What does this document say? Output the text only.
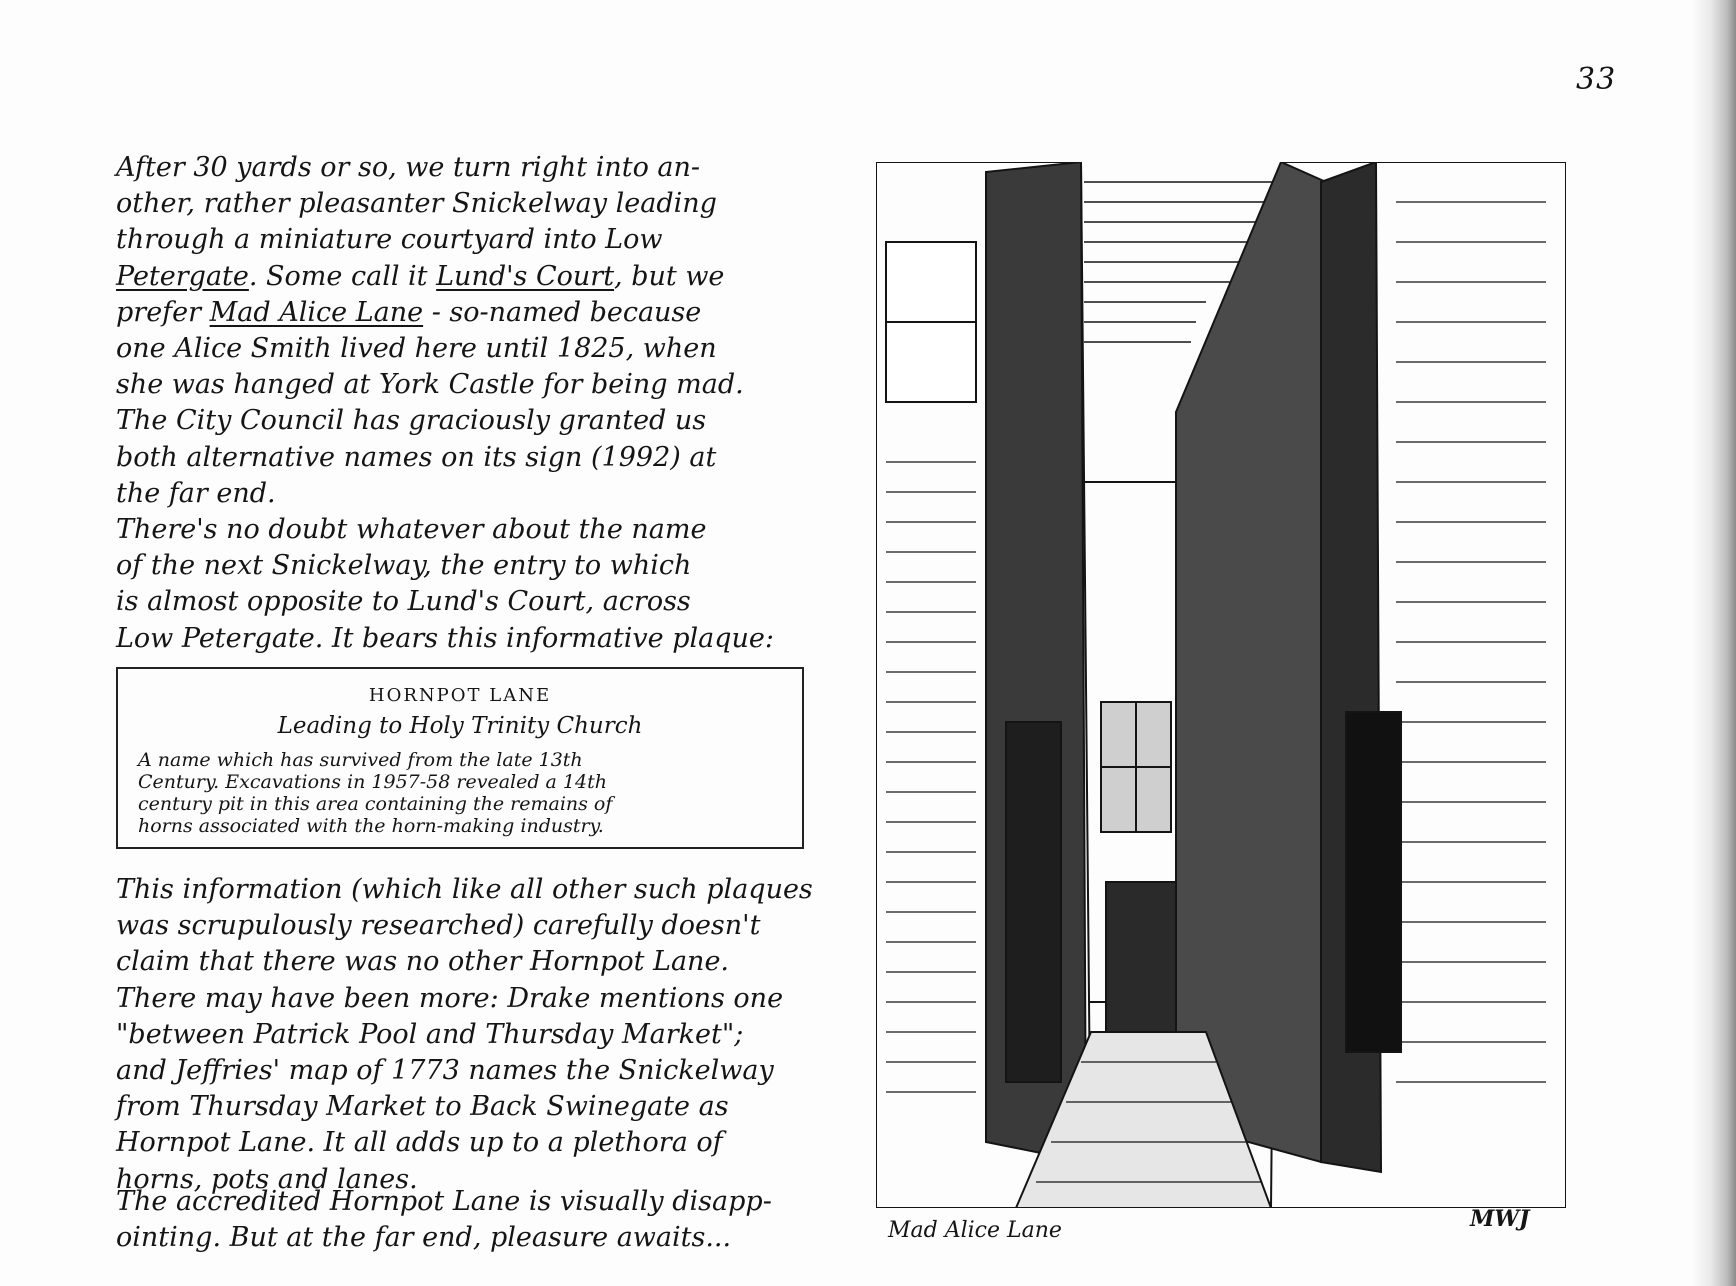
33
After 30 yards or so, we turn right into an-
other, rather pleasanter Snickelway leading
through a miniature courtyard into Low
Petergate. Some call it Lund's Court, but we
prefer Mad Alice Lane - so-named because
one Alice Smith lived here until 1825, when
she was hanged at York Castle for being mad.
The City Council has graciously granted us
both alternative names on its sign (1992) at
the far end.
There's no doubt whatever about the name
of the next Snickelway, the entry to which
is almost opposite to Lund's Court, across
Low Petergate. It bears this informative plaque:
This information (which like all other such plaques
was scrupulously researched) carefully doesn't
claim that there was no other Hornpot Lane.
There may have been more: Drake mentions one
"between Patrick Pool and Thursday Market";
and Jeffries' map of 1773 names the Snickelway
from Thursday Market to Back Swinegate as
Hornpot Lane. It all adds up to a plethora of
horns, pots and lanes.
The accredited Hornpot Lane is visually disapp-
ointing. But at the far end, pleasure awaits...
HORNPOT LANE
Leading to Holy Trinity Church
A name which has survived from the late 13th
Century. Excavations in 1957-58 revealed a 14th
century pit in this area containing the remains of
horns associated with the horn-making industry.
Mad Alice Lane	MWJ
